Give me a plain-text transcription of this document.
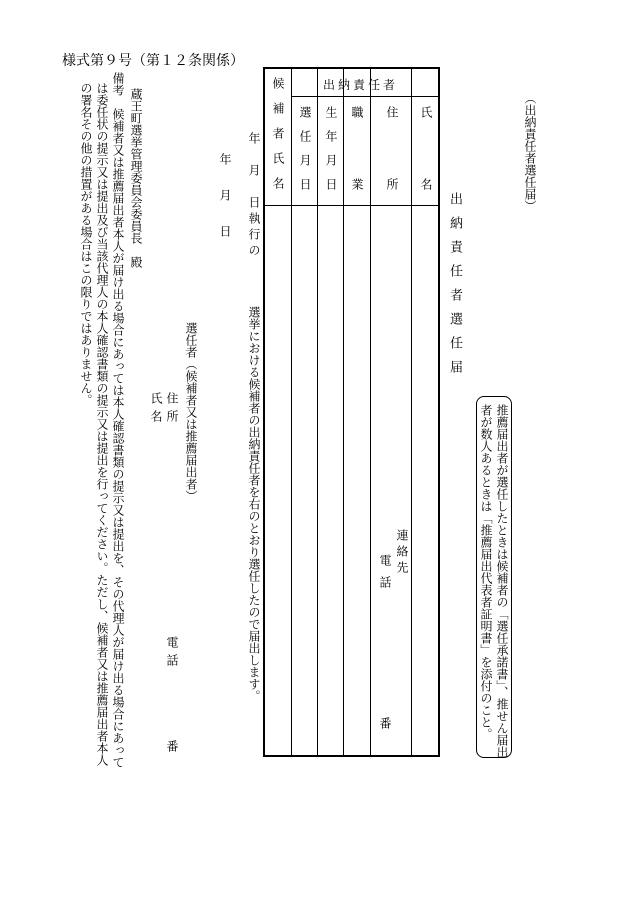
様式第９号（第１２条関係）
（出納責任者選任届）
出納責任者選任届
推薦届出者が選任したときは候補者の「選任承諾書」、推せん届出
者が数人あるときは「推薦届出代表者証明書」を添付のこと。
候補者氏名	出納責任者
選任月日 生年月日 職業 住所 氏名
連絡先
電話
番
年　月　日執行の
選挙における候補者の出納責任者を右のとおり選任したので届出します。
年　月　日
選任者（候補者又は推薦届出者）
住所
氏名
電話
番
蔵王町選挙管理委員会委員長　殿
備考　候補者又は推薦届出者本人が届け出る場合にあっては本人確認書類の提示又は提出を、その代理人が届け出る場合にあって
は委任状の提示又は提出及び当該代理人の本人確認書類の提示又は提出を行ってください。ただし、候補者又は推薦届出者本人
の署名その他の措置がある場合はこの限りではありません。
